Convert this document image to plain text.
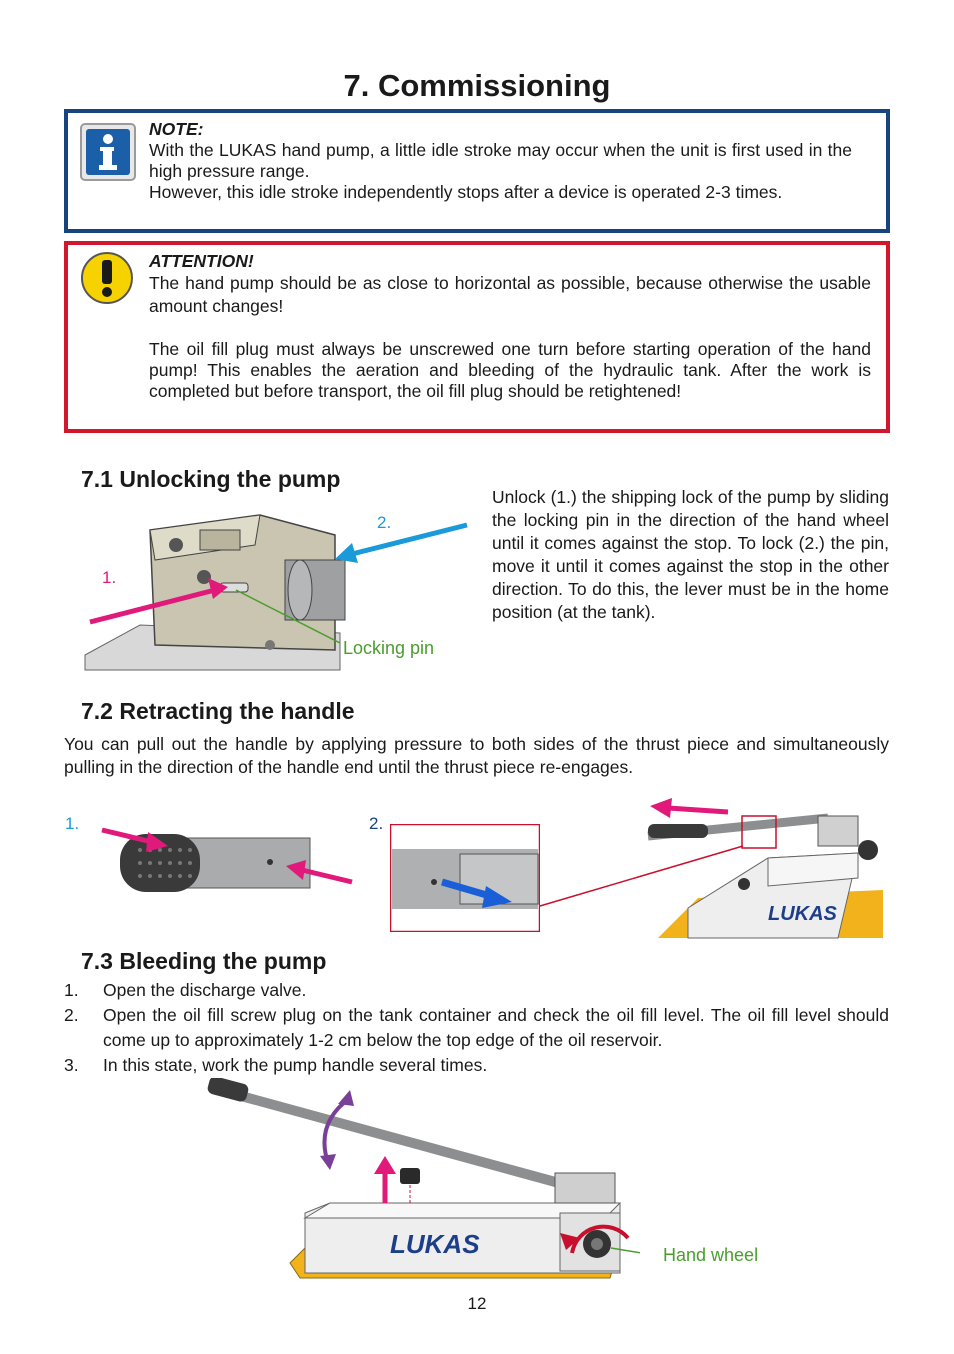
7. Commissioning
NOTE:
With the LUKAS hand pump, a little idle stroke may occur when the unit is first used in the high pressure range.
However, this idle stroke independently stops after a device is operated 2-3 times.
ATTENTION!
The hand pump should be as close to horizontal as possible, because otherwise the usable amount changes!
The oil fill plug must always be unscrewed one turn before starting operation of the hand pump! This enables the aeration and bleeding of the hydraulic tank. After the work is completed but before transport, the oil fill plug should be retightened!
7.1 Unlocking the pump
Unlock (1.) the shipping lock of the pump by sliding the locking pin in the direction of the hand wheel until it comes against the stop. To lock (2.) the pin, move it until it comes against the stop in the other direction. To do this, the lever must be in the home position (at the tank).
1.
2.
Locking pin
7.2 Retracting the handle
You can pull out the handle by applying pressure to both sides of the thrust piece and simultaneously pulling in the direction of the handle end until the thrust piece re-engages.
1.	2.
LUKAS
7.3 Bleeding the pump
1. Open the discharge valve.
2. Open the oil fill screw plug on the tank container and check the oil fill level. The oil fill level should come up to approximately 1-2 cm below the top edge of the oil reservoir.
3. In this state, work the pump handle several times.
LUKAS	Hand wheel
12
